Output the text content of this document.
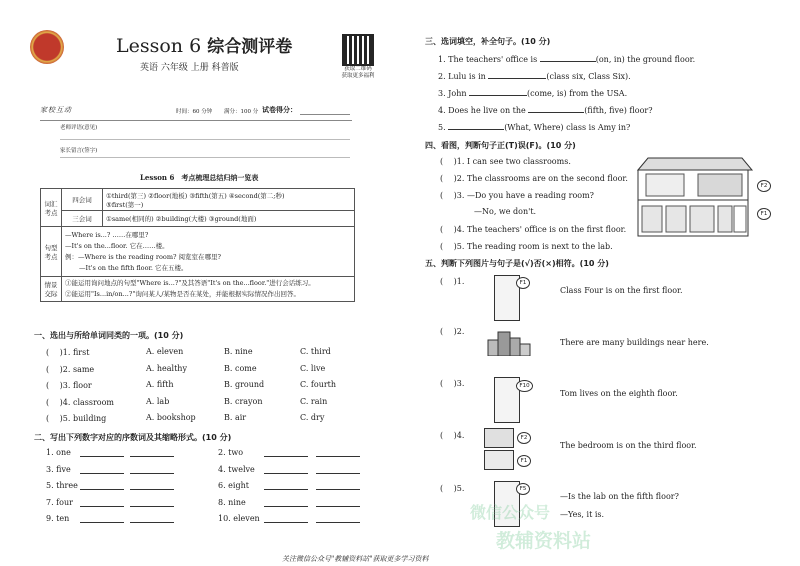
Lesson 6 综合测评卷
英语 六年级 上册 科普版	获取二维码
获取更多福利
家校互动	时间：60 分钟 满分：100 分 试卷得分：
老师评语(意见)
家长留言(签字)
Lesson 6　考点梳理总结归纳一览表
词汇考点	四会词	①third(第三) ②floor(地板) ③fifth(第五) ④second(第二;秒)
⑤first(第一)

	三会词	①same(相同的) ②building(大楼) ③ground(地面)
句型考点	—Where is...? ……在哪里?
—It's on the...floor. 它在……楼。
例：—Where is the reading room? 阅览室在哪里?
—It's on the fifth floor. 它在五楼。	

情景交际	①能运用询问地点的句型"Where is...?"及其答语"It's on the...floor."进行会话练习。
②能运用"Is...in/on...?"询问某人/某物是否在某处，并能根据实际情况作出回答。	
一、选出与所给单词同类的一项。(10 分)
( 　)1. first	A. eleven	B. nine	C. third
( 　)2. same	A. healthy	B. come	C. live
( 　)3. floor	A. fifth	B. ground	C. fourth
( 　)4. classroom	A. lab	B. crayon	C. rain
( 　)5. building	A. bookshop	B. air	C. dry
二、写出下列数字对应的序数词及其缩略形式。(10 分)
1. one	2. two
3. five	4. twelve
5. three	6. eight
7. four	8. nine
9. ten	10. eleven
三、选词填空，补全句子。(10 分)
1. The teachers' office is	(on, in) the ground floor.
2. Lulu is in	(class six, Class Six).
3. John	(come, is) from the USA.
4. Does he live on the	(fifth, five) floor?
5.	(What, Where) class is Amy in?
四、看图，判断句子正(T)误(F)。(10 分)
( 　)1. I can see two classrooms.
( 　)2. The classrooms are on the second floor.
( 　)3. —Do you have a reading room?
—No, we don't.
( 　)4. The teachers' office is on the first floor.
( 　)5. The reading room is next to the lab.
F2
F1
五、判断下列图片与句子是(√)否(×)相符。(10 分)
( 　)1.	F1
Class Four is on the first floor.
( 　)2.
There are many buildings near here.
( 　)3.	F10
Tom lives on the eighth floor.
( 　)4.	F2
F1
The bedroom is on the third floor.
( 　)5.	F5
—Is the lab on the fifth floor?
—Yes, it is.
微信公众号
教辅资料站
关注微信公众号"教辅资料站"获取更多学习资料
